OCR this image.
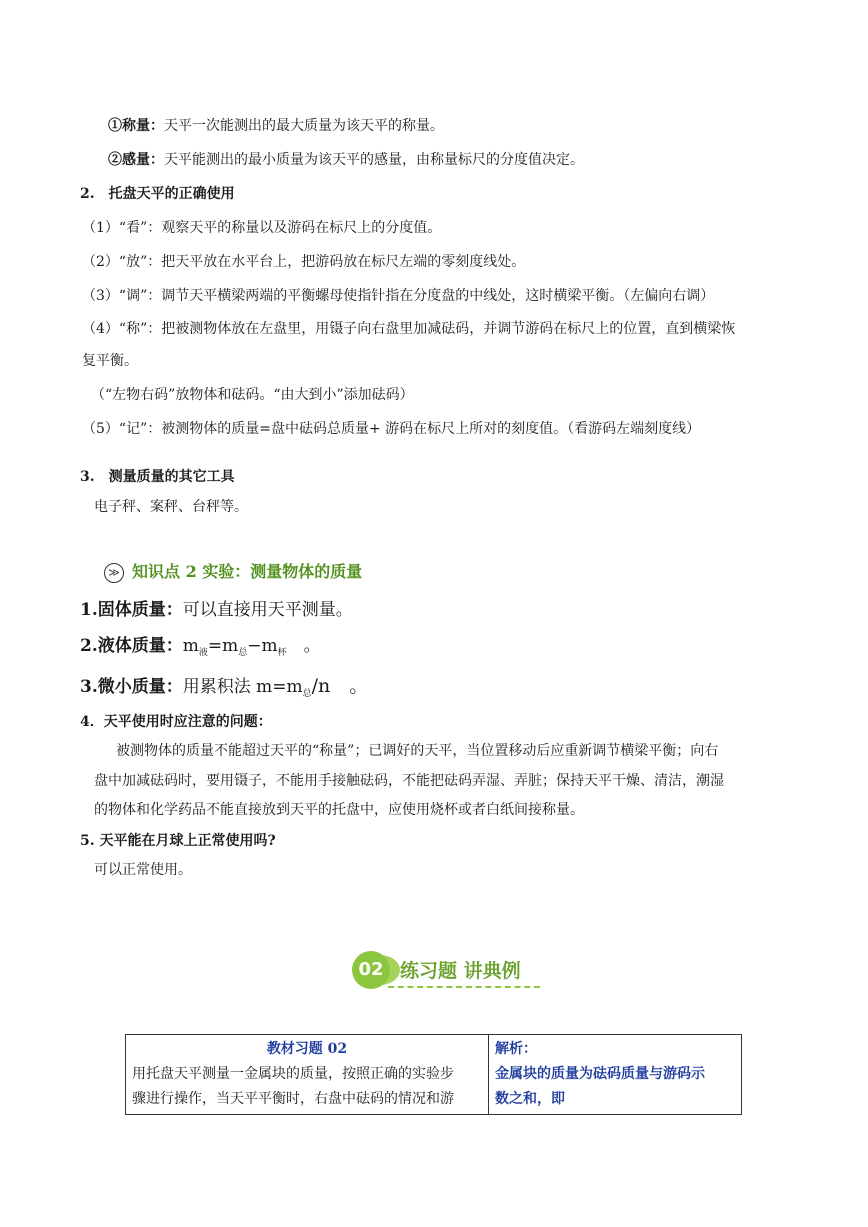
①称量：天平一次能测出的最大质量为该天平的称量。
②感量：天平能测出的最小质量为该天平的感量，由称量标尺的分度值决定。
2.　托盘天平的正确使用
（1）“看”：观察天平的称量以及游码在标尺上的分度值。
（2）“放”：把天平放在水平台上，把游码放在标尺左端的零刻度线处。
（3）“调”：调节天平横梁两端的平衡螺母使指针指在分度盘的中线处，这时横梁平衡。（左偏向右调）
（4）“称”：把被测物体放在左盘里，用镊子向右盘里加减砝码，并调节游码在标尺上的位置，直到横梁恢
复平衡。
　（“左物右码”放物体和砝码。“由大到小”添加砝码）
（5）“记”：被测物体的质量=盘中砝码总质量+ 游码在标尺上所对的刻度值。（看游码左端刻度线）
3.　测量质量的其它工具
电子秤、案秤、台秤等。
≫ 知识点 2 实验：测量物体的质量
1.固体质量：可以直接用天平测量。
2.液体质量：$m_液=m_总-m_杯$　。
3.微小质量：用累积法 $m=m_总/n$　。
4．天平使用时应注意的问题：
　　被测物体的质量不能超过天平的“称量”；已调好的天平，当位置移动后应重新调节横梁平衡；向右
盘中加减砝码时，要用镊子，不能用手接触砝码，不能把砝码弄湿、弄脏；保持天平干燥、清洁，潮湿
的物体和化学药品不能直接放到天平的托盘中，应使用烧杯或者白纸间接称量。
5. 天平能在月球上正常使用吗?
可以正常使用。
02 练习题 讲典例
教材习题 02
用托盘天平测量一金属块的质量，按照正确的实验步
骤进行操作，当天平平衡时，右盘中砝码的情况和游

解析：
金属块的质量为砝码质量与游码示
数之和，即
